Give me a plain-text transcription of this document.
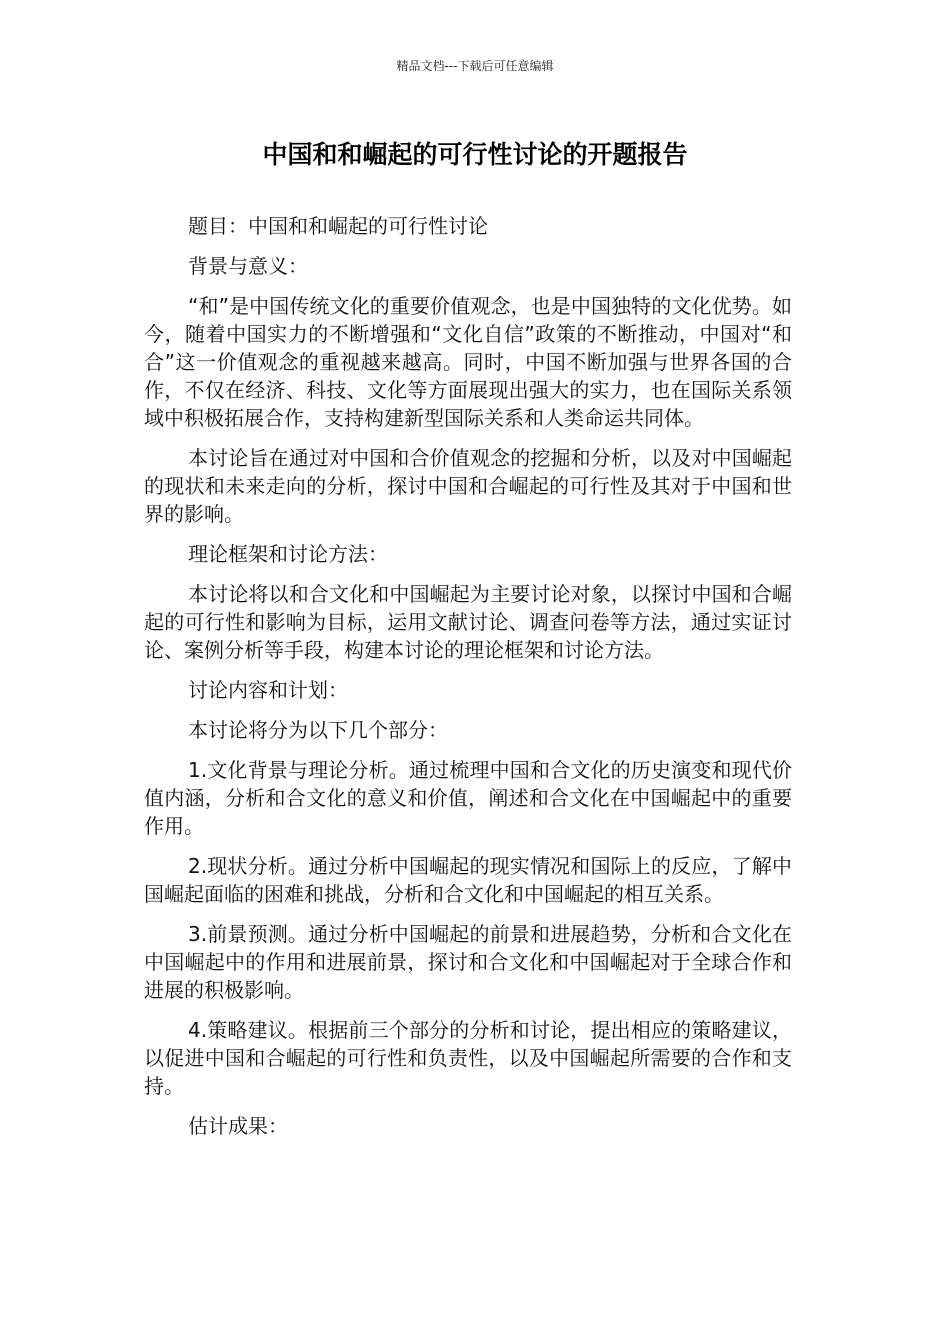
精品文档---下载后可任意编辑
中国和和崛起的可行性讨论的开题报告

题目：中国和和崛起的可行性讨论

背景与意义：

“和”是中国传统文化的重要价值观念，也是中国独特的文化优势。如今，随着中国实力的不断增强和“文化自信”政策的不断推动，中国对“和合”这一价值观念的重视越来越高。同时，中国不断加强与世界各国的合作，不仅在经济、科技、文化等方面展现出强大的实力，也在国际关系领域中积极拓展合作，支持构建新型国际关系和人类命运共同体。

本讨论旨在通过对中国和合价值观念的挖掘和分析，以及对中国崛起的现状和未来走向的分析，探讨中国和合崛起的可行性及其对于中国和世界的影响。

理论框架和讨论方法：

本讨论将以和合文化和中国崛起为主要讨论对象，以探讨中国和合崛起的可行性和影响为目标，运用文献讨论、调查问卷等方法，通过实证讨论、案例分析等手段，构建本讨论的理论框架和讨论方法。

讨论内容和计划：

本讨论将分为以下几个部分：

1.文化背景与理论分析。通过梳理中国和合文化的历史演变和现代价值内涵，分析和合文化的意义和价值，阐述和合文化在中国崛起中的重要作用。

2.现状分析。通过分析中国崛起的现实情况和国际上的反应，了解中国崛起面临的困难和挑战，分析和合文化和中国崛起的相互关系。

3.前景预测。通过分析中国崛起的前景和进展趋势，分析和合文化在中国崛起中的作用和进展前景，探讨和合文化和中国崛起对于全球合作和进展的积极影响。

4.策略建议。根据前三个部分的分析和讨论，提出相应的策略建议，以促进中国和合崛起的可行性和负责性，以及中国崛起所需要的合作和支持。

估计成果：
